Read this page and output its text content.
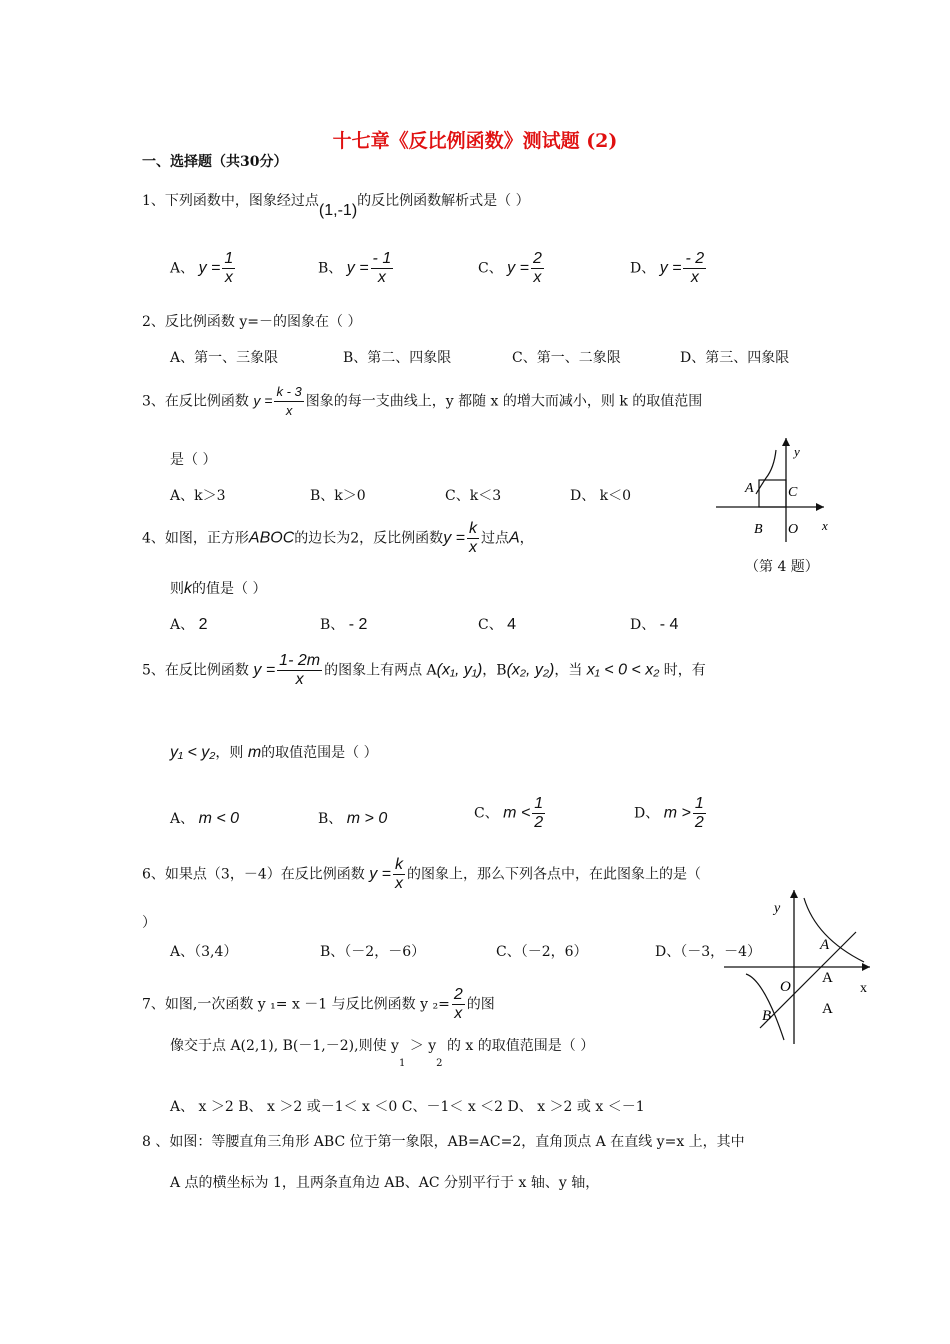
十七章《反比例函数》测试题 (2)
一、选择题（共30分）
1、下列函数中，图象经过点(1,-1)的反比例函数解析式是（ ）
A、 $y = \frac{1}{x}$	B、 $y = \frac{- 1}{x}$	C、 $y = \frac{2}{x}$	D、 $y = \frac{- 2}{x}$
2、反比例函数 y=－的图象在（ ）
A、第一、三象限	B、第二、四象限	C、第一、二象限	D、第三、四象限
3、在反比例函数 $y = \frac{k - 3}{x}$ 图象的每一支曲线上，y 都随 x 的增大而减小，则 k 的取值范围
是（ ）
A、k＞3	B、k＞0	C、k＜3	D、 k＜0
y
x
A C
B O
（第 4 题）
4、如图，正方形ABOC的边长为2，反比例函数$y = \frac{k}{x}$ 过点A，
则k的值是（ ）
A、 2	B、 - 2	C、 4	D、 - 4
5、在反比例函数 $y = \frac{1- 2m}{x}$ 的图象上有两点 A(x₁, y₁)，B(x₂, y₂)，当 x₁ < 0 < x₂ 时，有
y₁ < y₂，则 m的取值范围是（ ）
A、 m < 0	B、 m > 0	C、 $m < \frac{1}{2}$	D、 $m > \frac{1}{2}$
6、如果点（3，－4）在反比例函数 $y = \frac{k}{x}$ 的图象上，那么下列各点中，在此图象上的是（
）
A、（3,4）	B、（－2，－6）	C、（－2，6）	D、（－3，－4）
y
x
A
A
A
O
B
7、如图,一次函数 y ₁= x －1 与反比例函数 y $_2= \frac{2}{x}$ 的图
像交于点 A(2,1), B(－1,－2),则使 $y_1 > y_2$ 的 x 的取值范围是（ ）
A、 x ＞2 B、 x ＞2 或－1＜ x ＜0 C、－1＜ x ＜2 D、 x ＞2 或 x ＜－1
8 、如图：等腰直角三角形 ABC 位于第一象限，AB=AC=2，直角顶点 A 在直线 y=x 上，其中
A 点的横坐标为 1，且两条直角边 AB、AC 分别平行于 x 轴、y 轴，
